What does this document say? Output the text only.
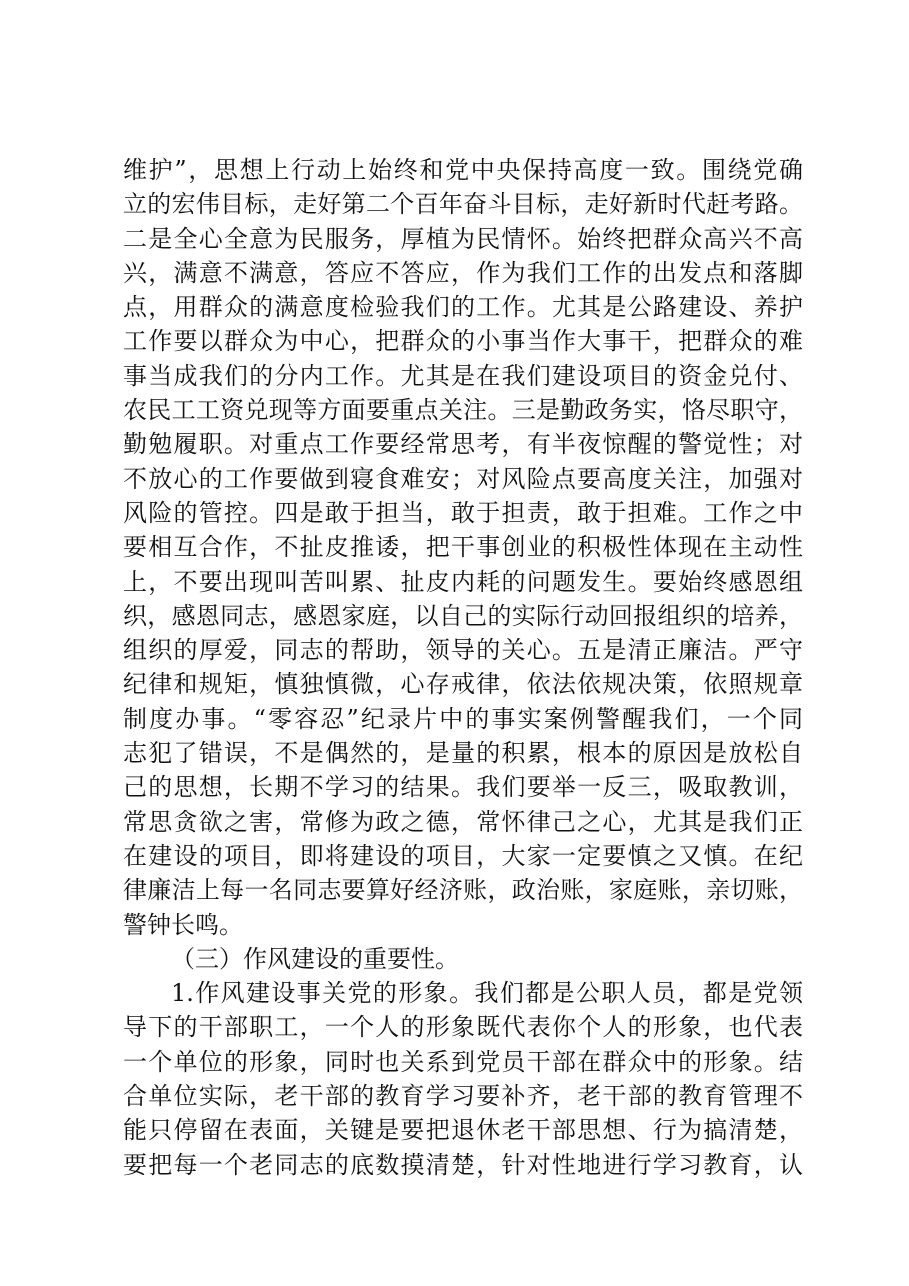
维护”，思想上行动上始终和党中央保持高度一致。围绕党确
立的宏伟目标，走好第二个百年奋斗目标，走好新时代赶考路。
二是全心全意为民服务，厚植为民情怀。始终把群众高兴不高
兴，满意不满意，答应不答应，作为我们工作的出发点和落脚
点，用群众的满意度检验我们的工作。尤其是公路建设、养护
工作要以群众为中心，把群众的小事当作大事干，把群众的难
事当成我们的分内工作。尤其是在我们建设项目的资金兑付、
农民工工资兑现等方面要重点关注。三是勤政务实，恪尽职守，
勤勉履职。对重点工作要经常思考，有半夜惊醒的警觉性；对
不放心的工作要做到寝食难安；对风险点要高度关注，加强对
风险的管控。四是敢于担当，敢于担责，敢于担难。工作之中
要相互合作，不扯皮推诿，把干事创业的积极性体现在主动性
上，不要出现叫苦叫累、扯皮内耗的问题发生。要始终感恩组
织，感恩同志，感恩家庭，以自己的实际行动回报组织的培养，
组织的厚爱，同志的帮助，领导的关心。五是清正廉洁。严守
纪律和规矩，慎独慎微，心存戒律，依法依规决策，依照规章
制度办事。“零容忍”纪录片中的事实案例警醒我们，一个同
志犯了错误，不是偶然的，是量的积累，根本的原因是放松自
己的思想，长期不学习的结果。我们要举一反三，吸取教训，
常思贪欲之害，常修为政之德，常怀律己之心，尤其是我们正
在建设的项目，即将建设的项目，大家一定要慎之又慎。在纪
律廉洁上每一名同志要算好经济账，政治账，家庭账，亲切账，
警钟长鸣。
（三）作风建设的重要性。
1.作风建设事关党的形象。我们都是公职人员，都是党领
导下的干部职工，一个人的形象既代表你个人的形象，也代表
一个单位的形象，同时也关系到党员干部在群众中的形象。结
合单位实际，老干部的教育学习要补齐，老干部的教育管理不
能只停留在表面，关键是要把退休老干部思想、行为搞清楚，
要把每一个老同志的底数摸清楚，针对性地进行学习教育，认
